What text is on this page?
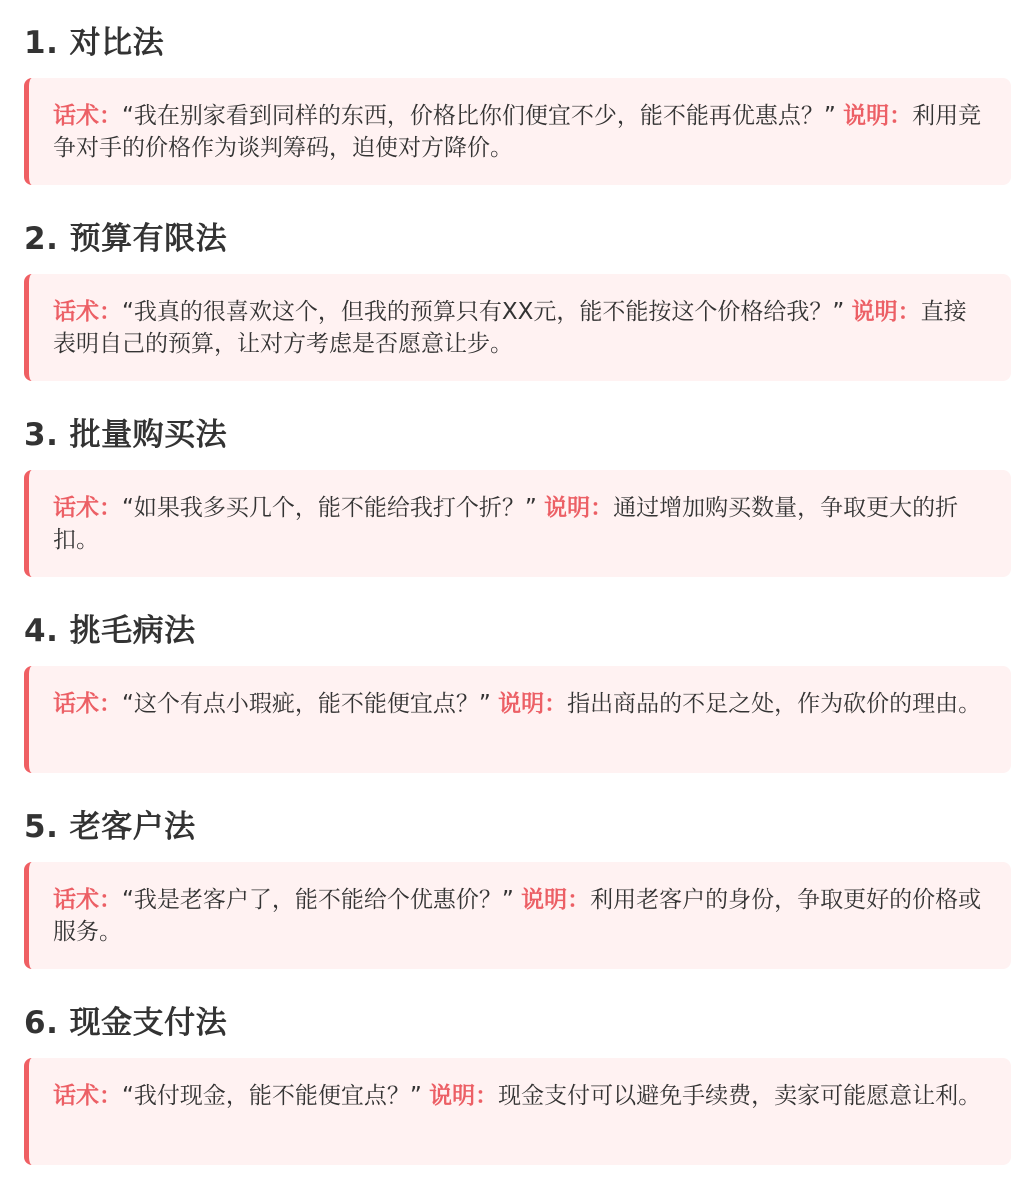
1. 对比法
话术：“我在别家看到同样的东西，价格比你们便宜不少，能不能再优惠点？” 说明：利用竞争对手的价格作为谈判筹码，迫使对方降价。
2. 预算有限法
话术：“我真的很喜欢这个，但我的预算只有XX元，能不能按这个价格给我？” 说明：直接表明自己的预算，让对方考虑是否愿意让步。
3. 批量购买法
话术：“如果我多买几个，能不能给我打个折？” 说明：通过增加购买数量，争取更大的折扣。
4. 挑毛病法
话术：“这个有点小瑕疵，能不能便宜点？” 说明：指出商品的不足之处，作为砍价的理由。
5. 老客户法
话术：“我是老客户了，能不能给个优惠价？” 说明：利用老客户的身份，争取更好的价格或服务。
6. 现金支付法
话术：“我付现金，能不能便宜点？” 说明：现金支付可以避免手续费，卖家可能愿意让利。
